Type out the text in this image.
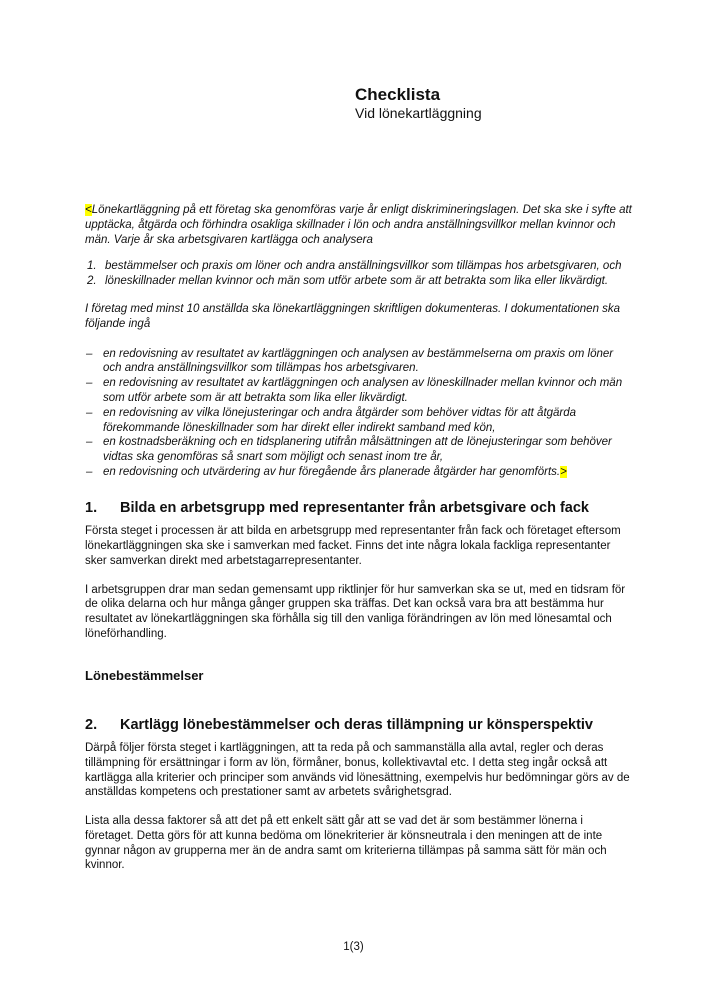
Checklista
Vid lönekartläggning

<Lönekartläggning på ett företag ska genomföras varje år enligt diskrimineringslagen. Det ska ske i syfte att upptäcka, åtgärda och förhindra osakliga skillnader i lön och andra anställningsvillkor mellan kvinnor och män. Varje år ska arbetsgivaren kartlägga och analysera

1. bestämmelser och praxis om löner och andra anställningsvillkor som tillämpas hos arbetsgivaren, och
2. löneskillnader mellan kvinnor och män som utför arbete som är att betrakta som lika eller likvärdigt.

I företag med minst 10 anställda ska lönekartläggningen skriftligen dokumenteras. I dokumentationen ska följande ingå

– en redovisning av resultatet av kartläggningen och analysen av bestämmelserna om praxis om löner och andra anställningsvillkor som tillämpas hos arbetsgivaren.
– en redovisning av resultatet av kartläggningen och analysen av löneskillnader mellan kvinnor och män som utför arbete som är att betrakta som lika eller likvärdigt.
– en redovisning av vilka lönejusteringar och andra åtgärder som behöver vidtas för att åtgärda förekommande löneskillnader som har direkt eller indirekt samband med kön,
– en kostnadsberäkning och en tidsplanering utifrån målsättningen att de lönejusteringar som behöver vidtas ska genomföras så snart som möjligt och senast inom tre år,
– en redovisning och utvärdering av hur föregående års planerade åtgärder har genomförts.>
1. Bilda en arbetsgrupp med representanter från arbetsgivare och fack

Första steget i processen är att bilda en arbetsgrupp med representanter från fack och företaget eftersom lönekartläggningen ska ske i samverkan med facket. Finns det inte några lokala fackliga representanter sker samverkan direkt med arbetstagarrepresentanter.

I arbetsgruppen drar man sedan gemensamt upp riktlinjer för hur samverkan ska se ut, med en tidsram för de olika delarna och hur många gånger gruppen ska träffas. Det kan också vara bra att bestämma hur resultatet av lönekartläggningen ska förhålla sig till den vanliga förändringen av lön med lönesamtal och löneförhandling.

Lönebestämmelser
2. Kartlägg lönebestämmelser och deras tillämpning ur könsperspektiv

Därpå följer första steget i kartläggningen, att ta reda på och sammanställa alla avtal, regler och deras tillämpning för ersättningar i form av lön, förmåner, bonus, kollektivavtal etc. I detta steg ingår också att kartlägga alla kriterier och principer som används vid lönesättning, exempelvis hur bedömningar görs av de anställdas kompetens och prestationer samt av arbetets svårighetsgrad.

Lista alla dessa faktorer så att det på ett enkelt sätt går att se vad det är som bestämmer lönerna i företaget. Detta görs för att kunna bedöma om lönekriterier är könsneutrala i den meningen att de inte gynnar någon av grupperna mer än de andra samt om kriterierna tillämpas på samma sätt för män och kvinnor.

1(3)
